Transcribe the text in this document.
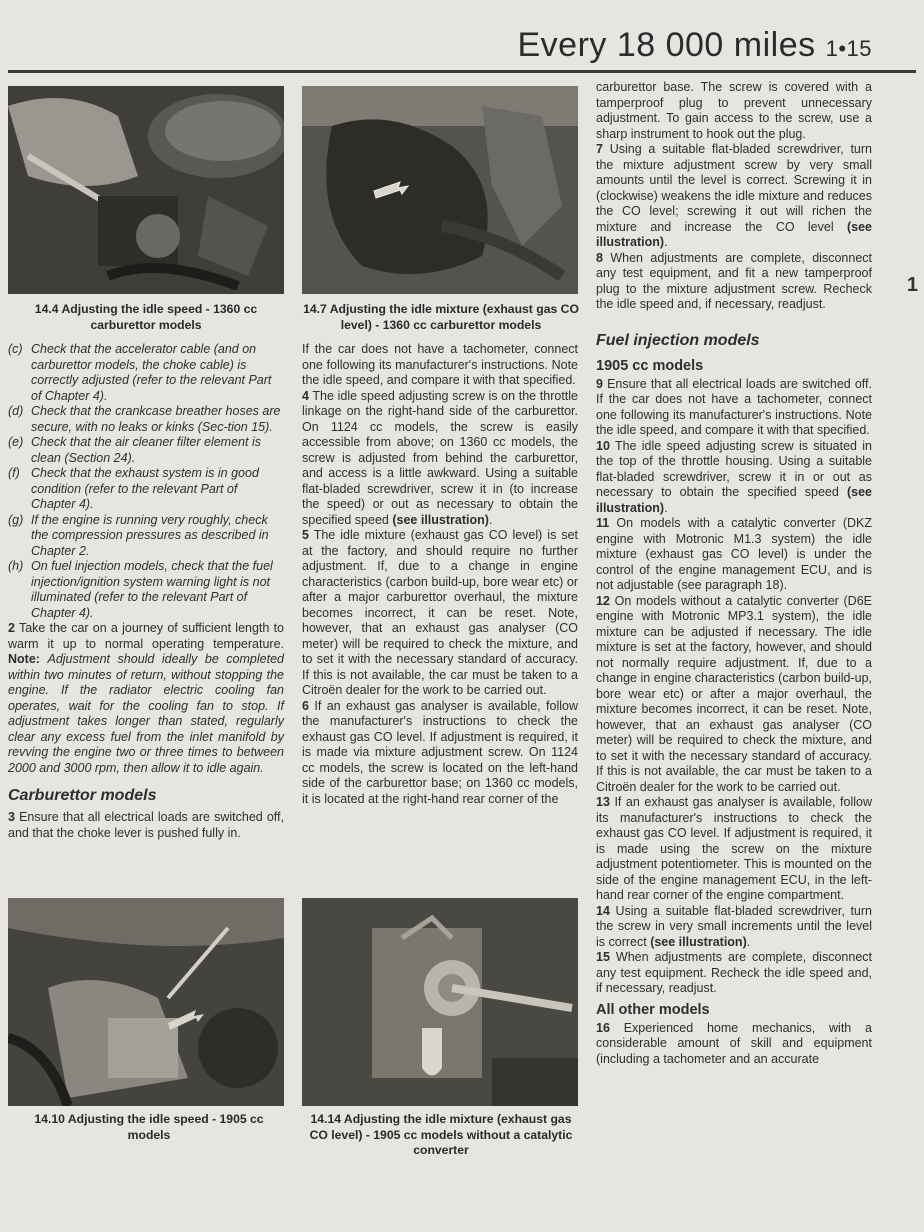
Every 18 000 miles 1•15
1
14.4 Adjusting the idle speed - 1360 cc carburettor models
14.7 Adjusting the idle mixture (exhaust gas CO level) - 1360 cc carburettor models
14.10 Adjusting the idle speed - 1905 cc models
14.14 Adjusting the idle mixture (exhaust gas CO level) - 1905 cc models without a catalytic converter
(c) Check that the accelerator cable (and on carburettor models, the choke cable) is correctly adjusted (refer to the relevant Part of Chapter 4).
(d) Check that the crankcase breather hoses are secure, with no leaks or kinks (Sec-tion 15).
(e) Check that the air cleaner filter element is clean (Section 24).
(f) Check that the exhaust system is in good condition (refer to the relevant Part of Chapter 4).
(g) If the engine is running very roughly, check the compression pressures as described in Chapter 2.
(h) On fuel injection models, check that the fuel injection/ignition system warning light is not illuminated (refer to the relevant Part of Chapter 4).

2 Take the car on a journey of sufficient length to warm it up to normal operating temperature. Note: Adjustment should ideally be completed within two minutes of return, without stopping the engine. If the radiator electric cooling fan operates, wait for the cooling fan to stop. If adjustment takes longer than stated, regularly clear any excess fuel from the inlet manifold by revving the engine two or three times to between 2000 and 3000 rpm, then allow it to idle again.

Carburettor models

3 Ensure that all electrical loads are switched off, and that the choke lever is pushed fully in.

If the car does not have a tachometer, connect one following its manufacturer's instructions. Note the idle speed, and compare it with that specified.

4 The idle speed adjusting screw is on the throttle linkage on the right-hand side of the carburettor. On 1124 cc models, the screw is easily accessible from above; on 1360 cc models, the screw is adjusted from behind the carburettor, and access is a little awkward. Using a suitable flat-bladed screwdriver, screw it in (to increase the speed) or out as necessary to obtain the specified speed (see illustration).

5 The idle mixture (exhaust gas CO level) is set at the factory, and should require no further adjustment. If, due to a change in engine characteristics (carbon build-up, bore wear etc) or after a major carburettor overhaul, the mixture becomes incorrect, it can be reset. Note, however, that an exhaust gas analyser (CO meter) will be required to check the mixture, and to set it with the necessary standard of accuracy. If this is not available, the car must be taken to a Citroën dealer for the work to be carried out.

6 If an exhaust gas analyser is available, follow the manufacturer's instructions to check the exhaust gas CO level. If adjustment is required, it is made via mixture adjustment screw. On 1124 cc models, the screw is located on the left-hand side of the carburettor base; on 1360 cc models, it is located at the right-hand rear corner of the

carburettor base. The screw is covered with a tamperproof plug to prevent unnecessary adjustment. To gain access to the screw, use a sharp instrument to hook out the plug.

7 Using a suitable flat-bladed screwdriver, turn the mixture adjustment screw by very small amounts until the level is correct. Screwing it in (clockwise) weakens the idle mixture and reduces the CO level; screwing it out will richen the mixture and increase the CO level (see illustration).

8 When adjustments are complete, disconnect any test equipment, and fit a new tamperproof plug to the mixture adjustment screw. Recheck the idle speed and, if necessary, readjust.

Fuel injection models
1905 cc models

9 Ensure that all electrical loads are switched off. If the car does not have a tachometer, connect one following its manufacturer's instructions. Note the idle speed, and compare it with that specified.

10 The idle speed adjusting screw is situated in the top of the throttle housing. Using a suitable flat-bladed screwdriver, screw it in or out as necessary to obtain the specified speed (see illustration).

11 On models with a catalytic converter (DKZ engine with Motronic M1.3 system) the idle mixture (exhaust gas CO level) is under the control of the engine management ECU, and is not adjustable (see paragraph 18).

12 On models without a catalytic converter (D6E engine with Motronic MP3.1 system), the idle mixture can be adjusted if necessary. The idle mixture is set at the factory, however, and should not normally require adjustment. If, due to a change in engine characteristics (carbon build-up, bore wear etc) or after a major overhaul, the mixture becomes incorrect, it can be reset. Note, however, that an exhaust gas analyser (CO meter) will be required to check the mixture, and to set it with the necessary standard of accuracy. If this is not available, the car must be taken to a Citroën dealer for the work to be carried out.

13 If an exhaust gas analyser is available, follow its manufacturer's instructions to check the exhaust gas CO level. If adjustment is required, it is made using the screw on the mixture adjustment potentiometer. This is mounted on the side of the engine management ECU, in the left-hand rear corner of the engine compartment.

14 Using a suitable flat-bladed screwdriver, turn the screw in very small increments until the level is correct (see illustration).

15 When adjustments are complete, disconnect any test equipment. Recheck the idle speed and, if necessary, readjust.

All other models

16 Experienced home mechanics, with a considerable amount of skill and equipment (including a tachometer and an accurate
